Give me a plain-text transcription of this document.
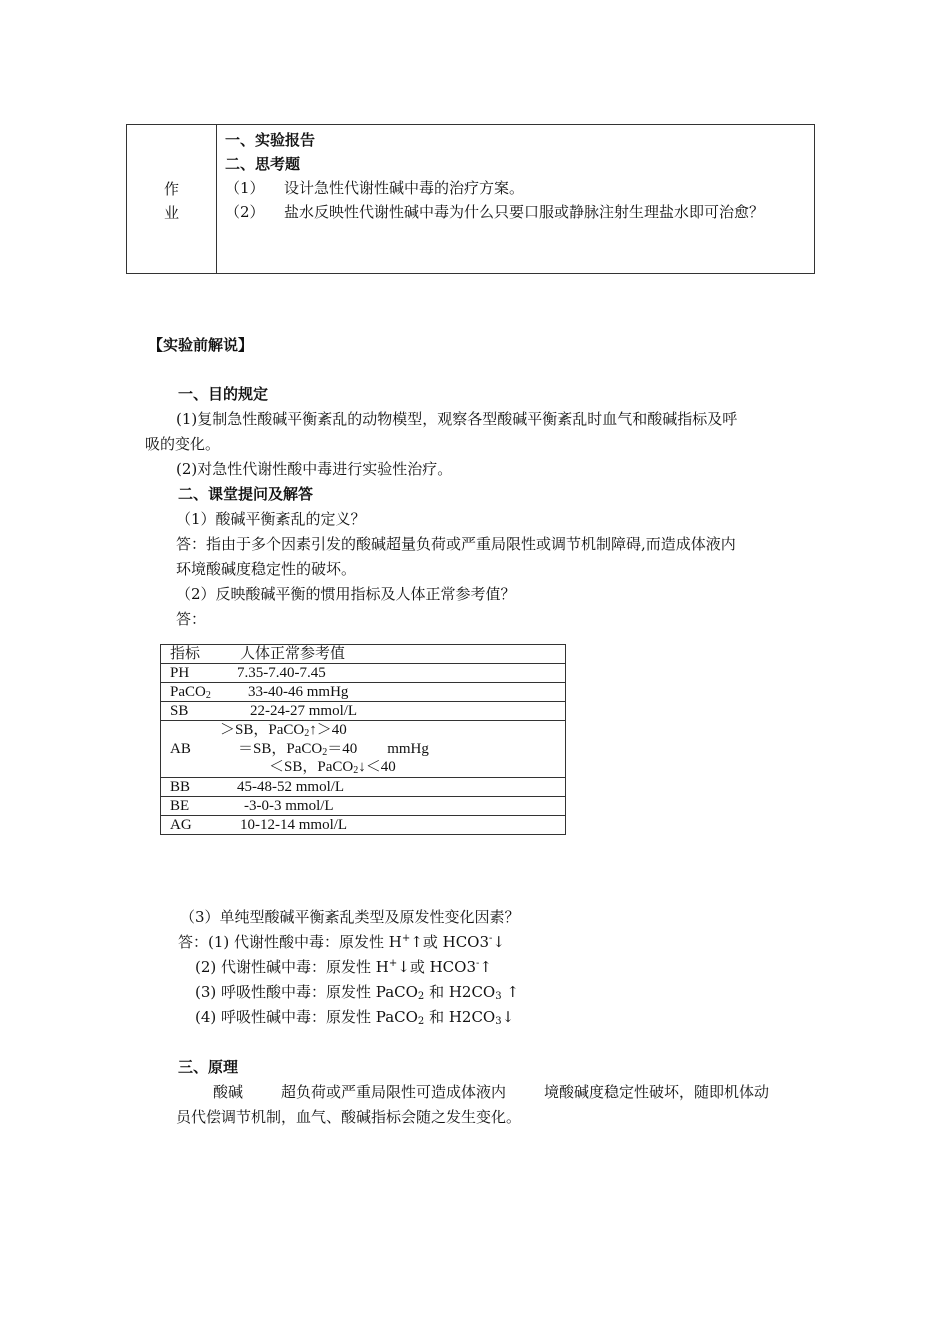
作
业
一、实验报告
二、思考题
（1） 设计急性代谢性碱中毒的治疗方案。
（2） 盐水反映性代谢性碱中毒为什么只要口服或静脉注射生理盐水即可治愈？
【实验前解说】
一、目的规定
(1)复制急性酸碱平衡紊乱的动物模型，观察各型酸碱平衡紊乱时血气和酸碱指标及呼
吸的变化。
(2)对急性代谢性酸中毒进行实验性治疗。
二、课堂提问及解答
（1）酸碱平衡紊乱的定义？
答：指由于多个因素引发的酸碱超量负荷或严重局限性或调节机制障碍,而造成体液内
环境酸碱度稳定性的破坏。
（2）反映酸碱平衡的惯用指标及人体正常参考值？
答：
指标	人体正常参考值
PH	7.35-7.40-7.45
PaCO$_2$ 33-40-46 mmHg
SB	22-24-27 mmol/L

AB
＞SB，PaCO$_2$↑＞40
＝SB，PaCO$_2$＝40 mmHg
＜SB，PaCO$_2$↓＜40

BB	45-48-52 mmol/L
BE	-3-0-3 mmol/L
AG	10-12-14 mmol/L
（3）单纯型酸碱平衡紊乱类型及原发性变化因素？
答：(1) 代谢性酸中毒：原发性 H+↑或 HCO3-↓
(2) 代谢性碱中毒：原发性 H+↓或 HCO3-↑
(3) 呼吸性酸中毒：原发性 PaCO$_2$ 和 $H2CO_3$ ↑
(4) 呼吸性碱中毒：原发性 PaCO$_2$ 和 $H2CO_3↓$
三、原理
酸碱	超负荷或严重局限性可造成体液内	境酸碱度稳定性破坏，随即机体动
员代偿调节机制，血气、酸碱指标会随之发生变化。
